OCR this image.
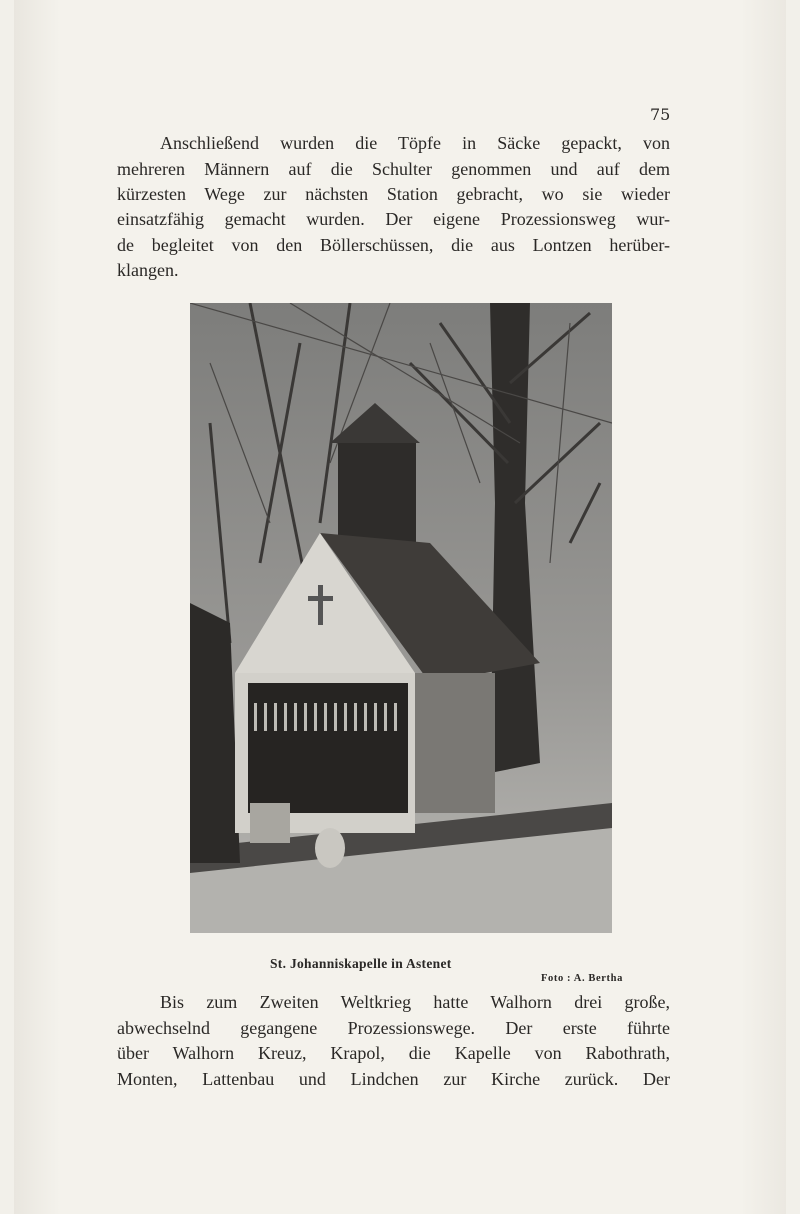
75
Anschließend wurden die Töpfe in Säcke gepackt, von
mehreren Männern auf die Schulter genommen und auf dem
kürzesten Wege zur nächsten Station gebracht, wo sie wieder
einsatzfähig gemacht wurden. Der eigene Prozessionsweg wur-
de begleitet von den Böllerschüssen, die aus Lontzen herüber-
klangen.
St. Johanniskapelle in Astenet
Foto : A. Bertha
Bis zum Zweiten Weltkrieg hatte Walhorn drei große,
abwechselnd gegangene Prozessionswege. Der erste führte
über Walhorn Kreuz, Krapol, die Kapelle von Rabothrath,
Monten, Lattenbau und Lindchen zur Kirche zurück. Der
